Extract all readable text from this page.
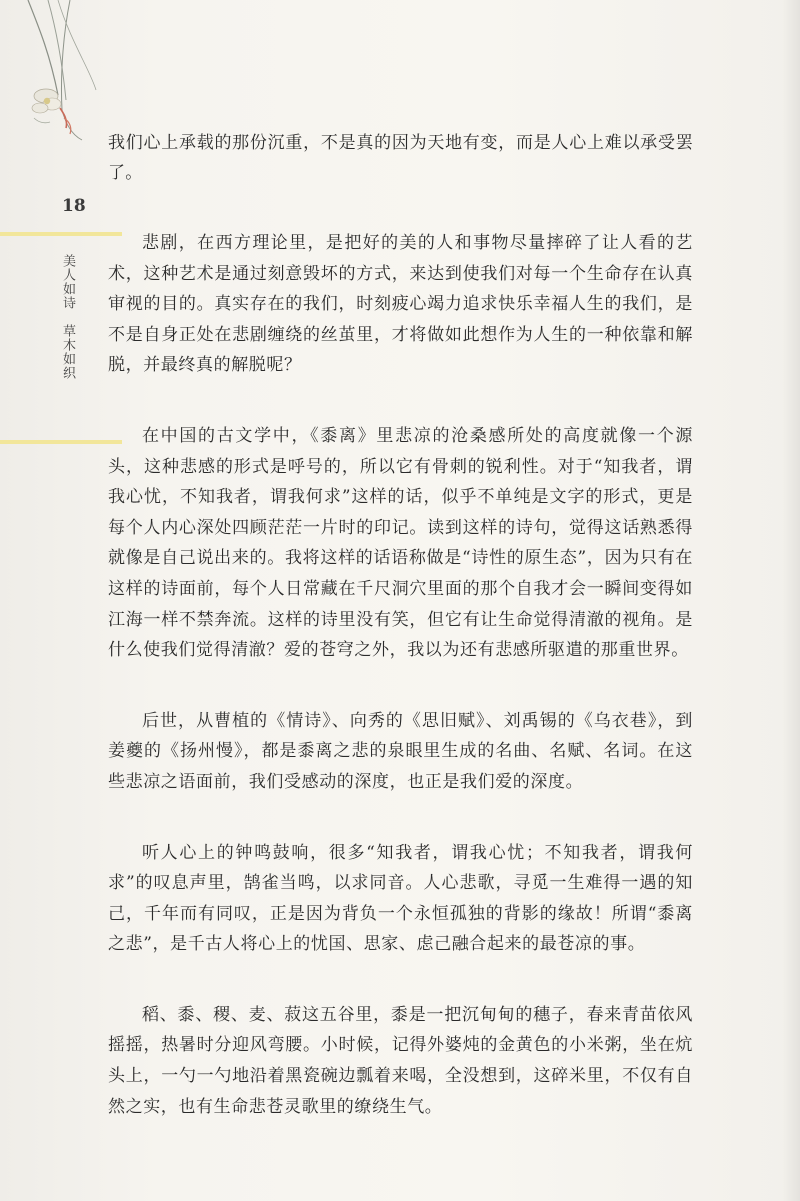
18
美人如诗草木如织

我们心上承载的那份沉重，不是真的因为天地有变，而是人心上难以承受罢了。

悲剧，在西方理论里，是把好的美的人和事物尽量摔碎了让人看的艺术，这种艺术是通过刻意毁坏的方式，来达到使我们对每一个生命存在认真审视的目的。真实存在的我们，时刻疲心竭力追求快乐幸福人生的我们，是不是自身正处在悲剧缠绕的丝茧里，才将做如此想作为人生的一种依靠和解脱，并最终真的解脱呢？

在中国的古文学中，《黍离》里悲凉的沧桑感所处的高度就像一个源头，这种悲感的形式是呼号的，所以它有骨刺的锐利性。对于“知我者，谓我心忧，不知我者，谓我何求”这样的话，似乎不单纯是文字的形式，更是每个人内心深处四顾茫茫一片时的印记。读到这样的诗句，觉得这话熟悉得就像是自己说出来的。我将这样的话语称做是“诗性的原生态”，因为只有在这样的诗面前，每个人日常藏在千尺洞穴里面的那个自我才会一瞬间变得如江海一样不禁奔流。这样的诗里没有笑，但它有让生命觉得清澈的视角。是什么使我们觉得清澈？爱的苍穹之外，我以为还有悲感所驱遣的那重世界。

后世，从曹植的《情诗》、向秀的《思旧赋》、刘禹锡的《乌衣巷》，到姜夔的《扬州慢》，都是黍离之悲的泉眼里生成的名曲、名赋、名词。在这些悲凉之语面前，我们受感动的深度，也正是我们爱的深度。

听人心上的钟鸣鼓响，很多“知我者，谓我心忧；不知我者，谓我何求”的叹息声里，鹄雀当鸣，以求同音。人心悲歌，寻觅一生难得一遇的知己，千年而有同叹，正是因为背负一个永恒孤独的背影的缘故！所谓“黍离之悲”，是千古人将心上的忧国、思家、虑己融合起来的最苍凉的事。

稻、黍、稷、麦、菽这五谷里，黍是一把沉甸甸的穗子，春来青苗依风摇摇，热暑时分迎风弯腰。小时候，记得外婆炖的金黄色的小米粥，坐在炕头上，一勺一勺地沿着黑瓷碗边瓢着来喝，全没想到，这碎米里，不仅有自然之实，也有生命悲苍灵歌里的缭绕生气。
